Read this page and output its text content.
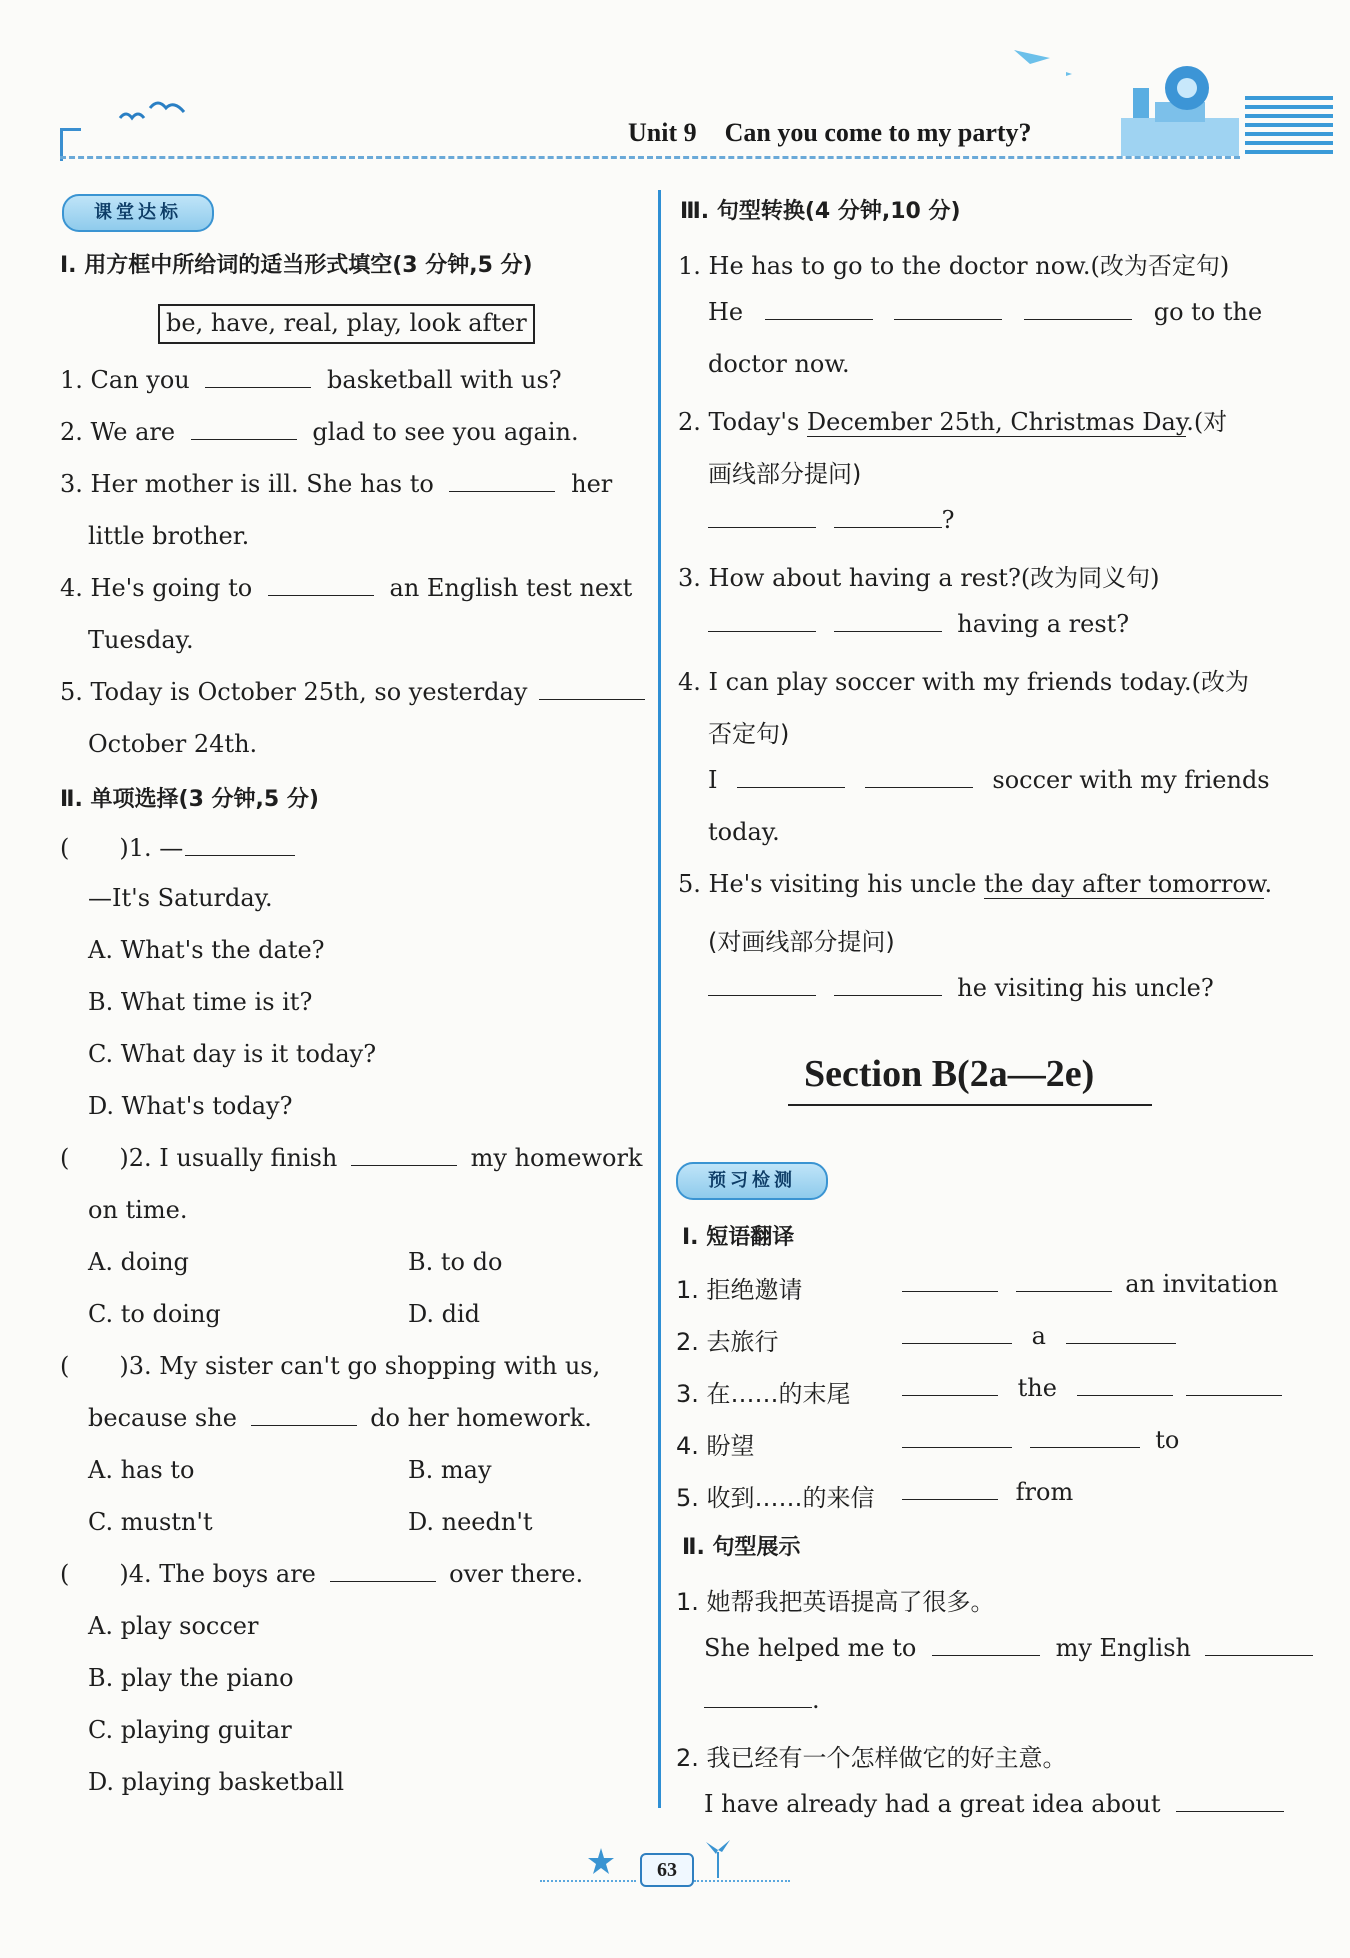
Unit 9 Can you come to my party?
课堂达标
Ⅰ. 用方框中所给词的适当形式填空(3 分钟,5 分)
be, have, real, play, look after
1. Can you	basketball with us?
2. We are	glad to see you again.
3. Her mother is ill. She has to	her
little brother.
4. He's going to	an English test next
Tuesday.
5. Today is October 25th, so yesterday
October 24th.
Ⅱ. 单项选择(3 分钟,5 分)
( )1. —
—It's Saturday.
A. What's the date?
B. What time is it?
C. What day is it today?
D. What's today?
( )2. I usually finish	my homework
on time.
A. doing	B. to do
C. to doing	D. did
( )3. My sister can't go shopping with us,
because she	do her homework.
A. has to	B. may
C. mustn't	D. needn't
( )4. The boys are	over there.
A. play soccer
B. play the piano
C. playing guitar
D. playing basketball
Ⅲ. 句型转换(4 分钟,10 分)
1. He has to go to the doctor now.(改为否定句)
He	go to the
doctor now.
2. Today's December 25th, Christmas Day.(对
画线部分提问)
?
3. How about having a rest?(改为同义句)
having a rest?
4. I can play soccer with my friends today.(改为
否定句)
I	soccer with my friends
today.
5. He's visiting his uncle the day after tomorrow.
(对画线部分提问)
he visiting his uncle?
Section B(2a—2e)
预习检测
Ⅰ. 短语翻译
1. 拒绝邀请	an invitation
2. 去旅行	a
3. 在……的末尾	the
4. 盼望	to
5. 收到……的来信	from
Ⅱ. 句型展示
1. 她帮我把英语提高了很多。
She helped me to	my English
.
2. 我已经有一个怎样做它的好主意。
I have already had a great idea about
63
